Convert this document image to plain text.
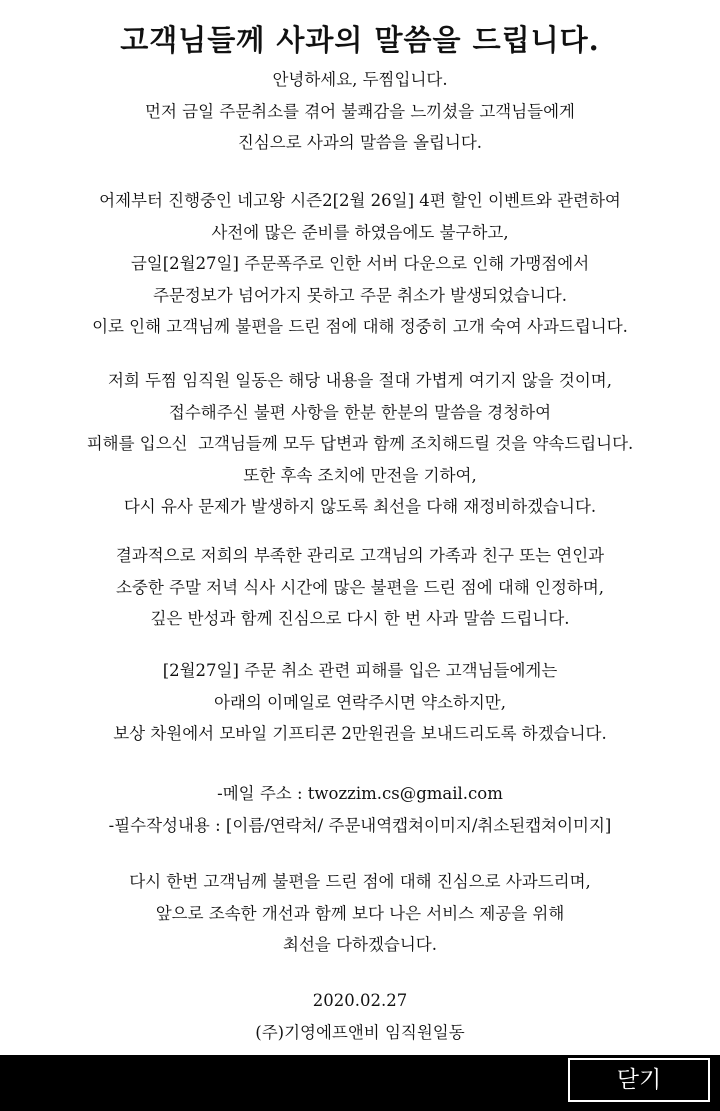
고객님들께 사과의 말씀을 드립니다.

안녕하세요, 두찜입니다.
먼저 금일 주문취소를 겪어 불쾌감을 느끼셨을 고객님들에게
진심으로 사과의 말씀을 올립니다.

어제부터 진행중인 네고왕 시즌2[2월 26일] 4편 할인 이벤트와 관련하여
사전에 많은 준비를 하였음에도 불구하고,
금일[2월27일] 주문폭주로 인한 서버 다운으로 인해 가맹점에서
주문정보가 넘어가지 못하고 주문 취소가 발생되었습니다.
이로 인해 고객님께 불편을 드린 점에 대해 정중히 고개 숙여 사과드립니다.

저희 두찜 임직원 일동은 해당 내용을 절대 가볍게 여기지 않을 것이며,
접수해주신 불편 사항을 한분 한분의 말씀을 경청하여
피해를 입으신  고객님들께 모두 답변과 함께 조치해드릴 것을 약속드립니다.
또한 후속 조치에 만전을 기하여,
다시 유사 문제가 발생하지 않도록 최선을 다해 재정비하겠습니다.

결과적으로 저희의 부족한 관리로 고객님의 가족과 친구 또는 연인과
소중한 주말 저녁 식사 시간에 많은 불편을 드린 점에 대해 인정하며,
깊은 반성과 함께 진심으로 다시 한 번 사과 말씀 드립니다.

[2월27일] 주문 취소 관련 피해를 입은 고객님들에게는
아래의 이메일로 연락주시면 약소하지만,
보상 차원에서 모바일 기프티콘 2만원권을 보내드리도록 하겠습니다.

-메일 주소 : twozzim.cs@gmail.com
-필수작성내용 : [이름/연락처/ 주문내역캡쳐이미지/취소된캡쳐이미지]

다시 한번 고객님께 불편을 드린 점에 대해 진심으로 사과드리며,
앞으로 조속한 개선과 함께 보다 나은 서비스 제공을 위해
최선을 다하겠습니다.

2020.02.27
(주)기영에프앤비 임직원일동

닫기
